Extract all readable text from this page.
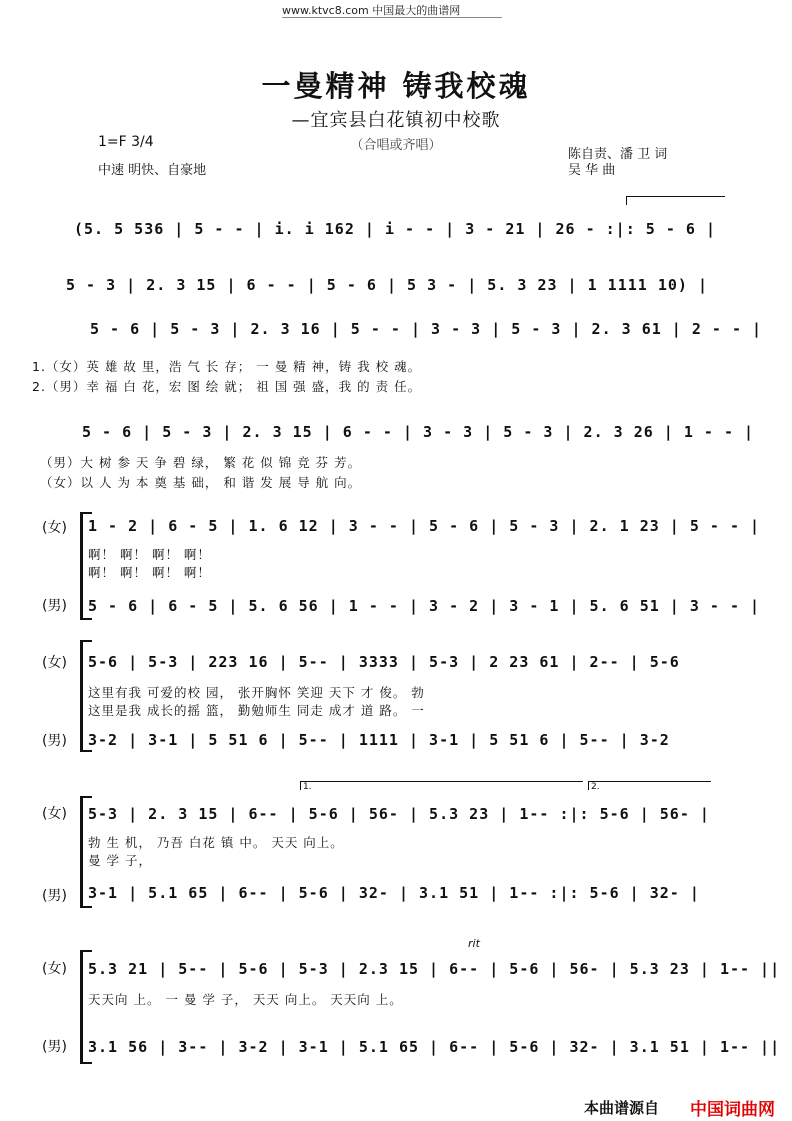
www.ktvc8.com 中国最大的曲谱网
一曼精神 铸我校魂
—宜宾县白花镇初中校歌
（合唱或齐唱）
1=F 3/4
中速 明快、自豪地
陈自责、潘 卫 词
吴 华 曲
(5. 5 536 | 5 - - | i. i 162 | i - - | 3 - 21 | 26 - :|: 5 - 6 |
5 - 3 | 2. 3 15 | 6 - - | 5 - 6 | 5 3 - | 5. 3 23 | 1 1111 10) |
5 - 6 | 5 - 3 | 2. 3 16 | 5 - - | 3 - 3 | 5 - 3 | 2. 3 61 | 2 - - |
1.（女）英 雄 故 里，浩 气 长 存； 一 曼 精 神，铸 我 校 魂。
2.（男）幸 福 白 花，宏 图 绘 就； 祖 国 强 盛，我 的 责 任。
5 - 6 | 5 - 3 | 2. 3 15 | 6 - - | 3 - 3 | 5 - 3 | 2. 3 26 | 1 - - |
（男）大 树 参 天 争 碧 绿， 繁 花 似 锦 竞 芬 芳。
（女）以 人 为 本 奠 基 础， 和 谐 发 展 导 航 向。
(女)
(男)
1 - 2 | 6 - 5 | 1. 6 12 | 3 - - | 5 - 6 | 5 - 3 | 2. 1 23 | 5 - - |
啊！ 啊！ 啊！ 啊！
啊！ 啊！ 啊！ 啊！
5 - 6 | 6 - 5 | 5. 6 56 | 1 - - | 3 - 2 | 3 - 1 | 5. 6 51 | 3 - - |
(女)
(男)
5-6 | 5-3 | 223 16 | 5-- | 3333 | 5-3 | 2 23 61 | 2-- | 5-6
这里有我 可爱的校 园， 张开胸怀 笑迎 天下 才 俊。 勃
这里是我 成长的摇 篮， 勤勉师生 同走 成才 道 路。 一
3-2 | 3-1 | 5 51 6 | 5-- | 1111 | 3-1 | 5 51 6 | 5-- | 3-2
1.	2.
(女)
(男)
5-3 | 2. 3 15 | 6-- | 5-6 | 56- | 5.3 23 | 1-- :|: 5-6 | 56- |
勃 生 机， 乃吾 白花 镇 中。 天天 向上。
曼 学 子，
3-1 | 5.1 65 | 6-- | 5-6 | 32- | 3.1 51 | 1-- :|: 5-6 | 32- |
rit
(女)
(男)
5.3 21 | 5-- | 5-6 | 5-3 | 2.3 15 | 6-- | 5-6 | 56- | 5.3 23 | 1-- ||
天天向 上。 一 曼 学 子， 天天 向上。 天天向 上。
3.1 56 | 3-- | 3-2 | 3-1 | 5.1 65 | 6-- | 5-6 | 32- | 3.1 51 | 1-- ||
本曲谱源自 中国词曲网
